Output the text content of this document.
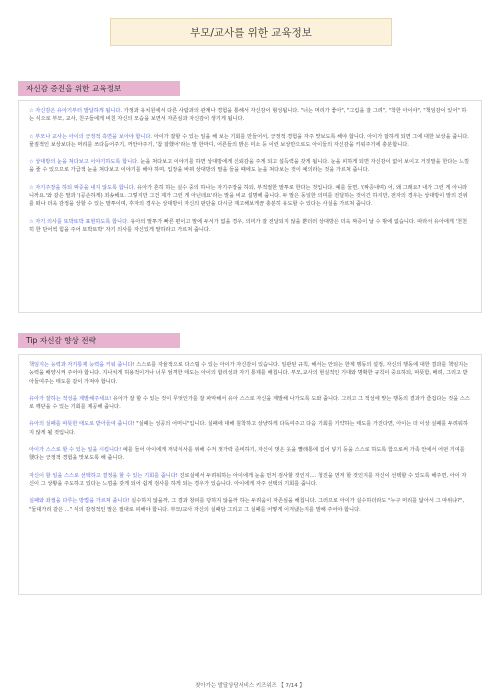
부모/교사를 위한 교육정보
자신감 증진을 위한 교육정보

☆ 자신감은 유아기부터 발달하게 됩니다. 가정과 유치원에서 다른 사람과의 관계나 경험을 통해서 자신감이 형성됩니다. "너는 머리가 좋아", "그림을 잘 그려", "착한 아이야", "책임감이 있어" 하는 식으로 부모, 교사, 친구들에게 비친 자신의 모습을 보면서 자존심과 자신감이 생기게 됩니다.

☆ 부모나 교사는 아이의 긍정적 측면을 보아야 합니다. 아이가 잘할 수 있는 일을 해 보는 기회를 만들어서, 긍정적 경험을 자주 맛보도록 해야 합니다. 아이가 잘하게 되면 그에 대한 보상을 줍니다. 물질적인 보상보다는 머리를 쓰다듬어주기, 꺼안아주기, '참 잘했어'라는 말 한마디, 어른들의 밝은 미소 등 이런 보상만으로도 아이들의 자신감을 키워주기에 충분합니다.

☆ 상대방의 눈을 쳐다보고 이야기하도록 합니다. 눈을 쳐다보고 이야기를 하면 상대방에게 신뢰감을 주게 되고 설득력을 갖게 됩니다. 눈을 피하게 되면 자신감이 없어 보이고 거짓말을 한다는 느낌을 줄 수 있으므로 가급적 눈을 쳐다보고 이야기를 해야 하며, 입장을 바꿔 상대방의 말을 들을 때에도 눈을 쳐다보는 것이 예의라는 것을 가르쳐 줍니다.

☆ 자기주장을 하되 짜증을 내지 않도록 합니다. 유아가 흔히 하는 실수 중의 하나는 자기주장을 하되, 부적절한 말투로 한다는 것입니다. 예를 들면, '(짜증내며) 어, 왜 그래요? 내가 그런 게 아니라니까요.'와 같은 말과 '(공손하게) 죄송해요. 그렇지만 그건 제가 그런 게 아닌데요'라는 말을 비교 설명해 줍니다. 두 말은 동일한 의미를 전달하는 것이긴 하지만, 전자의 경우는 상대방이 말의 진위를 떠나 더욱 감정을 상할 수 있는 말투이며, 후자의 경우는 상대방이 자신의 판단을 다시금 재고해보게끔 충분히 유도할 수 있다는 사실을 가르쳐 줍니다.

☆ 자기 의사를 또박또박 표현하도록 합니다. 유아의 말투가 빠른 편이고 말에 두서가 없을 경우, 의미가 잘 전달되지 않을 뿐더러 상대방은 더욱 짜증이 날 수 밖에 없습니다. 따라서 유아에게 '천천히 한 단어씩 힘을 주어 또박또박' 자기 의사를 자신있게 말하라고 가르쳐 줍니다.

Tip 자신감 향상 전략

책임지는 능력과 자기통제 능력을 키워 줍니다! 스스로를 자율적으로 다스릴 수 있는 아이가 자신감이 있습니다. 일관된 규칙, 해서는 안되는 한계 행동의 설정, 자신의 행동에 대한 결과를 책임지는 능력을 배양시켜 주어야 합니다. 지나치게 허용적이거나 너무 엄격한 태도는 아이의 합리성과 자기 통제를 해칩니다. 부모,교사의 현실적인 기대와 명확한 규칙이 중요하되, 따뜻함, 배려, 그리고 받아들여주는 태도를 같이 가져야 합니다.

유아가 잘하는 적성을 계발해주세요! 유아가 잘 할 수 있는 것이 무엇인가를 잘 파악해서 유아 스스로 자신을 계발해 나가도록 도와 줍니다. 그리고 그 적성에 맞는 행동의 결과가 즐겁다는 것을 스스로 깨닫을 수 있는 기회를 제공해 줍니다.

유아의 실패를 따뜻한 태도로 받아들여 줍니다! "실패는 성공의 어머니"입니다. 실패에 대해 침착하고 상냥하게 다독여주고 다음 기회를 기약하는 태도를 가진다면, 아이는 더 이상 실패를 두려워하지 않게 될 것입니다.

아이가 스스로 할 수 있는 일을 시킵니다! 예를 들어 아이에게 저녁식사를 위해 수저 젓가락 준비하기, 자신이 벗은 옷을 빨래통에 집어 넣기 등을 스스로 하도록 함으로써 가족 안에서 어떤 기여를 했다는 긍정적 경험을 맛보도록 해 줍니다.

자신이 할 일을 스스로 선택하고 결정을 할 수 있는 기회를 줍니다! 진로실에서 두려워하는 아이에게 눈을 먼저 검사할 것인지.... 청진을 먼저 할 것인지를 자신이 선택할 수 있도록 해주면, 아이 자신이 그 상황을 주도하고 있다는 느낌을 갖게 되어 쉽게 검사를 하게 되는 경우가 있습니다. 아이에게 자주 선택의 기회를 줍니다.

실패와 좌절을 다루는 방법을 가르쳐 줍니다! 실수하지 않을까, 그 결과 창피를 당하지 않을까 하는 두려움이 자존심을 해칩니다. 그러므로 아이가 실수하더라도 "누구 머리를 닮아서 그 따위냐?", "둘대가리 같은 ..." 식의 감정적인 말은 절대로 피해야 합니다. 부모/교사 자신의 실패담 그리고 그 실패를 어떻게 이겨냈는지를 말해 주어야 합니다.

찾아가는 발달상담서비스 키즈위즈 【 7/14 】
